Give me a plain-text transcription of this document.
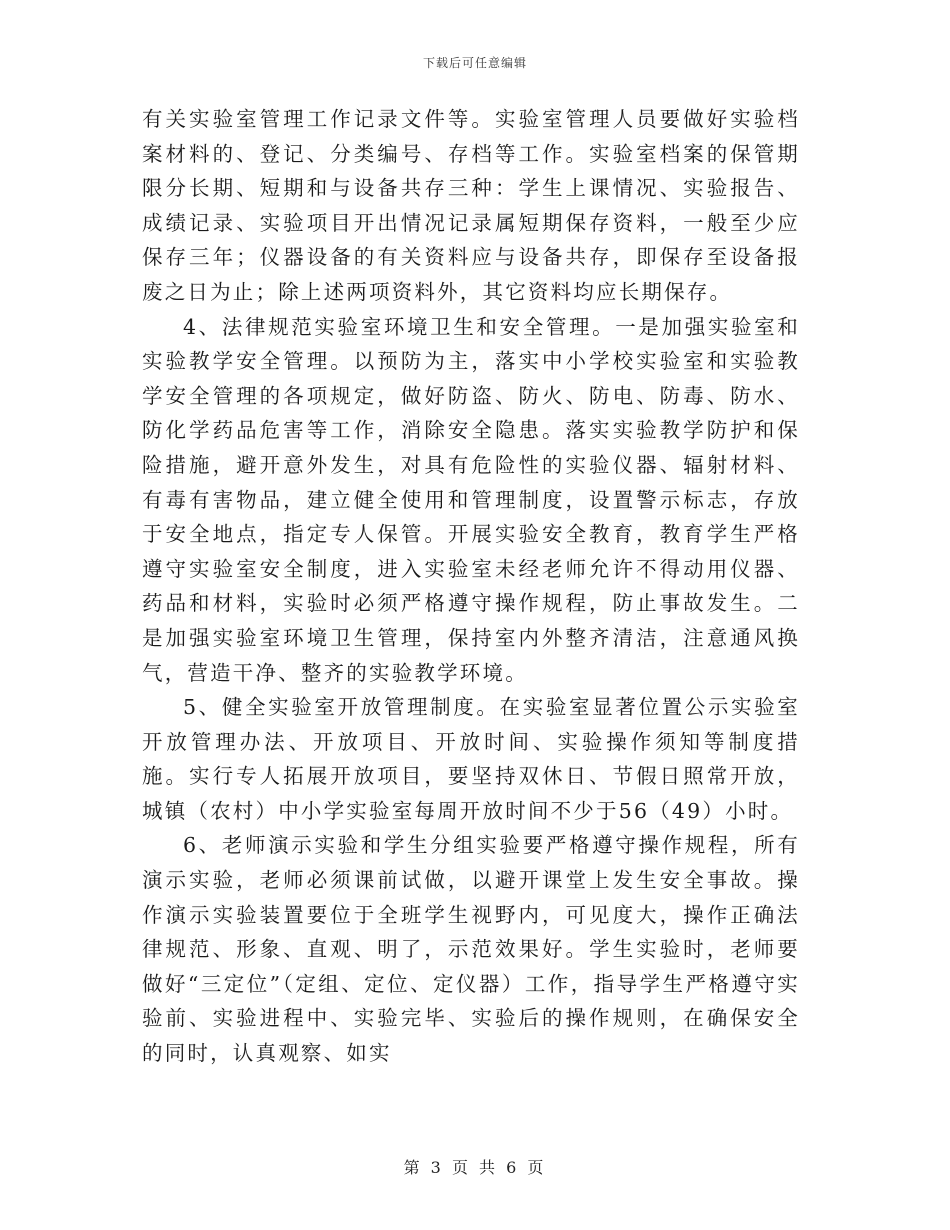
下载后可任意编辑

有关实验室管理工作记录文件等。实验室管理人员要做好实验档案材料的、登记、分类编号、存档等工作。实验室档案的保管期限分长期、短期和与设备共存三种：学生上课情况、实验报告、成绩记录、实验项目开出情况记录属短期保存资料，一般至少应保存三年；仪器设备的有关资料应与设备共存，即保存至设备报废之日为止；除上述两项资料外，其它资料均应长期保存。

4、法律规范实验室环境卫生和安全管理。一是加强实验室和实验教学安全管理。以预防为主，落实中小学校实验室和实验教学安全管理的各项规定，做好防盗、防火、防电、防毒、防水、防化学药品危害等工作，消除安全隐患。落实实验教学防护和保险措施，避开意外发生，对具有危险性的实验仪器、辐射材料、有毒有害物品，建立健全使用和管理制度，设置警示标志，存放于安全地点，指定专人保管。开展实验安全教育，教育学生严格遵守实验室安全制度，进入实验室未经老师允许不得动用仪器、药品和材料，实验时必须严格遵守操作规程，防止事故发生。二是加强实验室环境卫生管理，保持室内外整齐清洁，注意通风换气，营造干净、整齐的实验教学环境。

5、健全实验室开放管理制度。在实验室显著位置公示实验室开放管理办法、开放项目、开放时间、实验操作须知等制度措施。实行专人拓展开放项目，要坚持双休日、节假日照常开放，城镇（农村）中小学实验室每周开放时间不少于56（49）小时。

6、老师演示实验和学生分组实验要严格遵守操作规程，所有演示实验，老师必须课前试做，以避开课堂上发生安全事故。操作演示实验装置要位于全班学生视野内，可见度大，操作正确法律规范、形象、直观、明了，示范效果好。学生实验时，老师要做好“三定位”（定组、定位、定仪器）工作，指导学生严格遵守实验前、实验进程中、实验完毕、实验后的操作规则，在确保安全的同时，认真观察、如实

第 3 页 共 6 页
